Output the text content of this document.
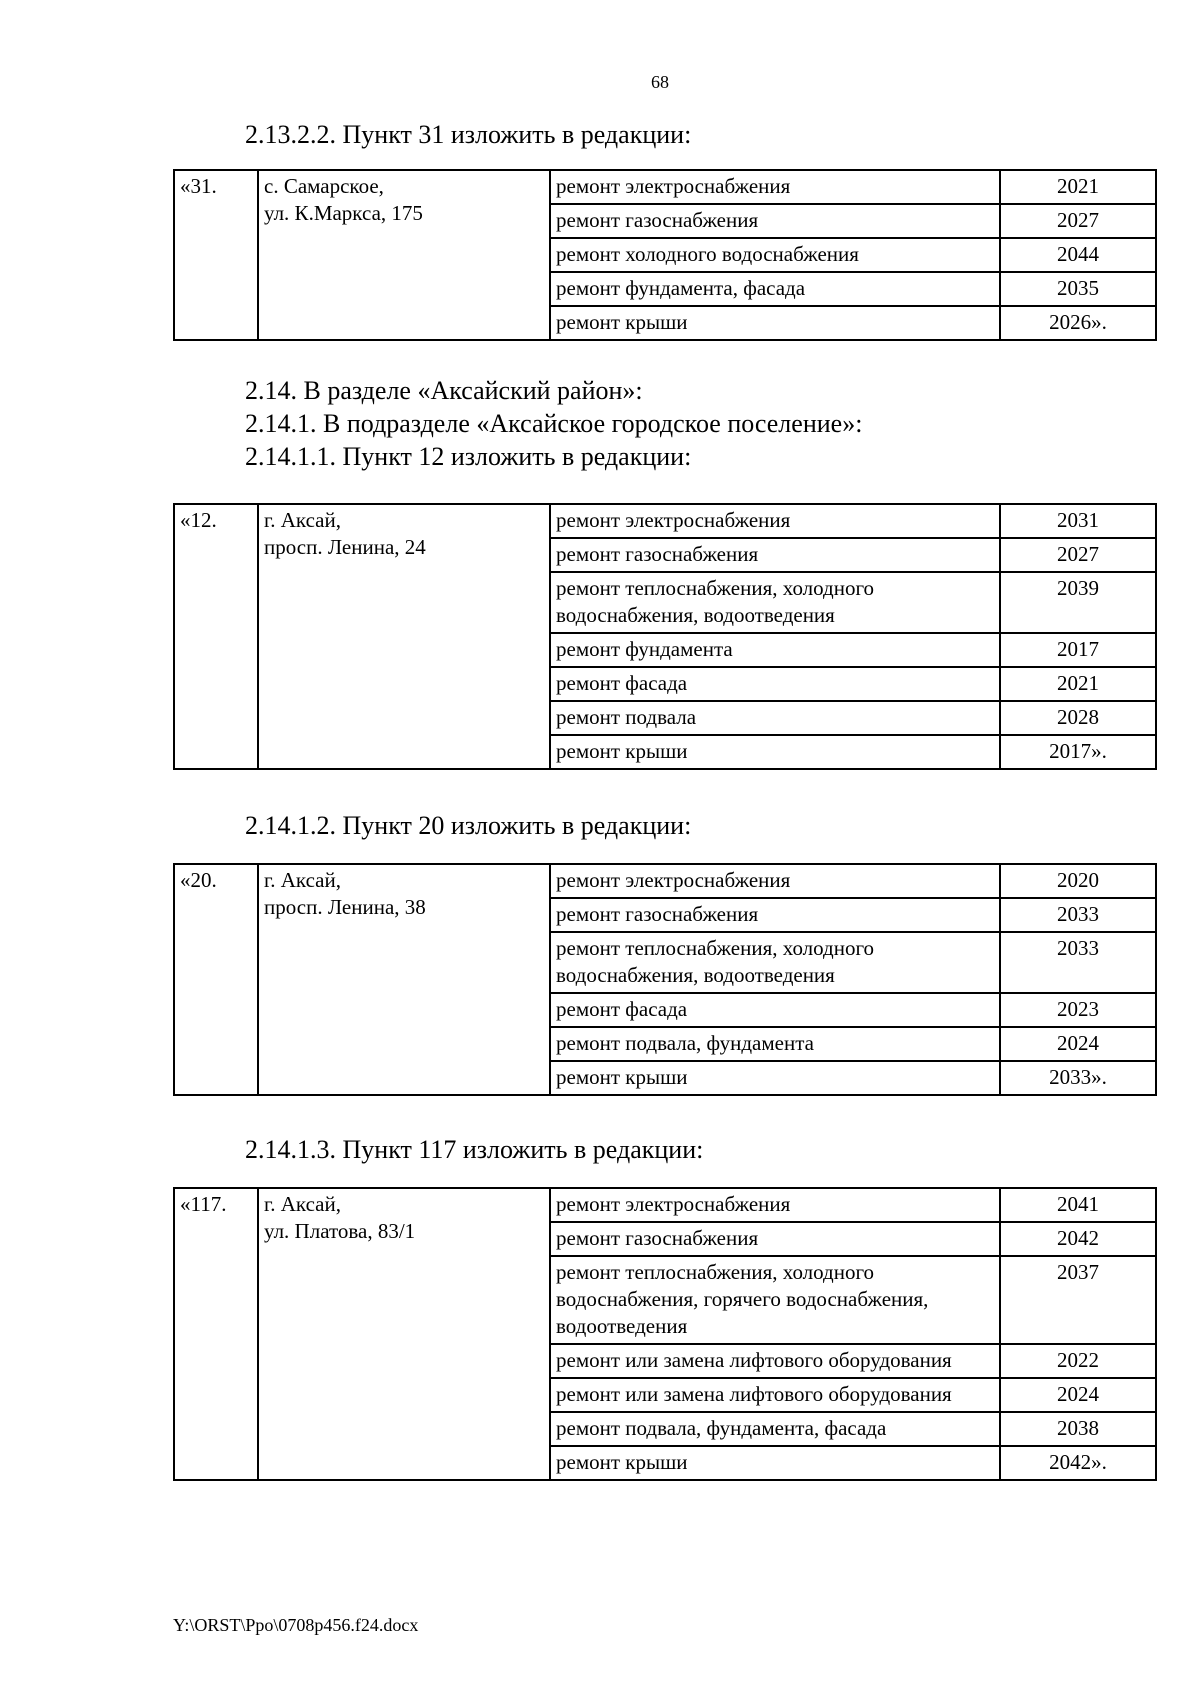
68
2.13.2.2. Пункт 31 изложить в редакции:
«31.	с. Самарское,
ул. К.Маркса, 175	ремонт электроснабжения	2021
		ремонт газоснабжения	2027
		ремонт холодного водоснабжения	2044
		ремонт фундамента, фасада	2035
		ремонт крыши	2026».
2.14. В разделе «Аксайский район»:
2.14.1. В подразделе «Аксайское городское поселение»:
2.14.1.1. Пункт 12 изложить в редакции:
«12.	г. Аксай,
просп. Ленина, 24	ремонт электроснабжения	2031
		ремонт газоснабжения	2027
		ремонт теплоснабжения, холодного водоснабжения, водоотведения	2039
		ремонт фундамента	2017
		ремонт фасада	2021
		ремонт подвала	2028
		ремонт крыши	2017».
2.14.1.2. Пункт 20 изложить в редакции:
«20.	г. Аксай,
просп. Ленина, 38	ремонт электроснабжения	2020
		ремонт газоснабжения	2033
		ремонт теплоснабжения, холодного водоснабжения, водоотведения	2033
		ремонт фасада	2023
		ремонт подвала, фундамента	2024
		ремонт крыши	2033».
2.14.1.3. Пункт 117 изложить в редакции:
«117.	г. Аксай,
ул. Платова, 83/1	ремонт электроснабжения	2041
		ремонт газоснабжения	2042
		ремонт теплоснабжения, холодного водоснабжения, горячего водоснабжения, водоотведения	2037
		ремонт или замена лифтового оборудования	2022
		ремонт или замена лифтового оборудования	2024
		ремонт подвала, фундамента, фасада	2038
		ремонт крыши	2042».
Y:\ORST\Ppo\0708p456.f24.docx
